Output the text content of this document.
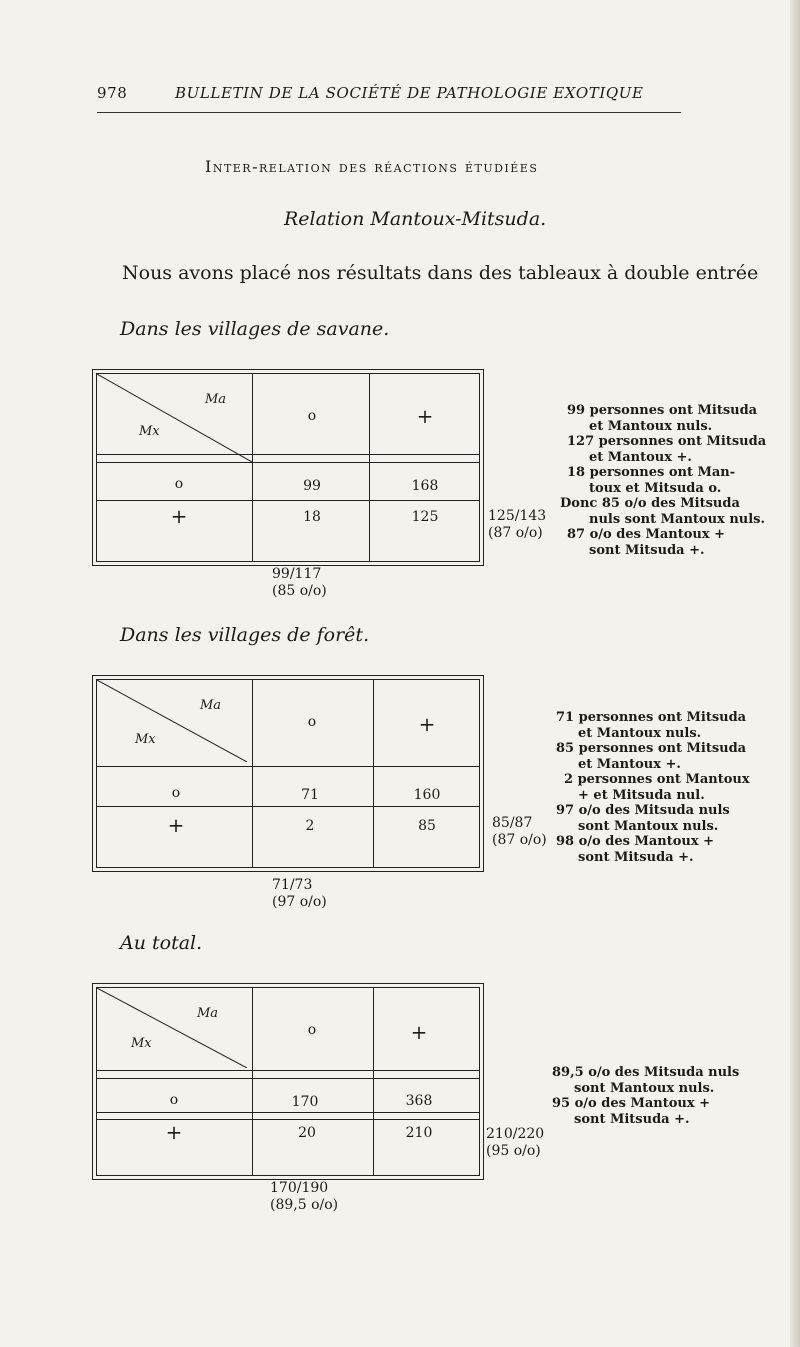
978	BULLETIN DE LA SOCIÉTÉ DE PATHOLOGIE EXOTIQUE
Inter-relation des réactions étudiées
Relation Mantoux-Mitsuda.
Nous avons placé nos résultats dans des tableaux à double entrée
Dans les villages de savane.
Ma
Mx
o	+
o	99	168
+	18	125	125/143
(87 o/o)
99/117
(85 o/o)
99 personnes ont Mitsuda
et Mantoux nuls.
127 personnes ont Mitsuda
et Mantoux +.
18 personnes ont Man-
toux et Mitsuda o.
Donc 85 o/o des Mitsuda
nuls sont Mantoux nuls.
87 o/o des Mantoux +
sont Mitsuda +.
Dans les villages de forêt.
Ma
Mx
o	+
o	71	160
+	2	85	85/87
(87 o/o)
71/73
(97 o/o)
71 personnes ont Mitsuda
et Mantoux nuls.
85 personnes ont Mitsuda
et Mantoux +.
2 personnes ont Mantoux
+ et Mitsuda nul.
97 o/o des Mitsuda nuls
sont Mantoux nuls.
98 o/o des Mantoux +
sont Mitsuda +.
Au total.
Ma
Mx
o	+
o	170	368
+	20	210	210/220
(95 o/o)
170/190
(89,5 o/o)
89,5 o/o des Mitsuda nuls
sont Mantoux nuls.
95 o/o des Mantoux +
sont Mitsuda +.
